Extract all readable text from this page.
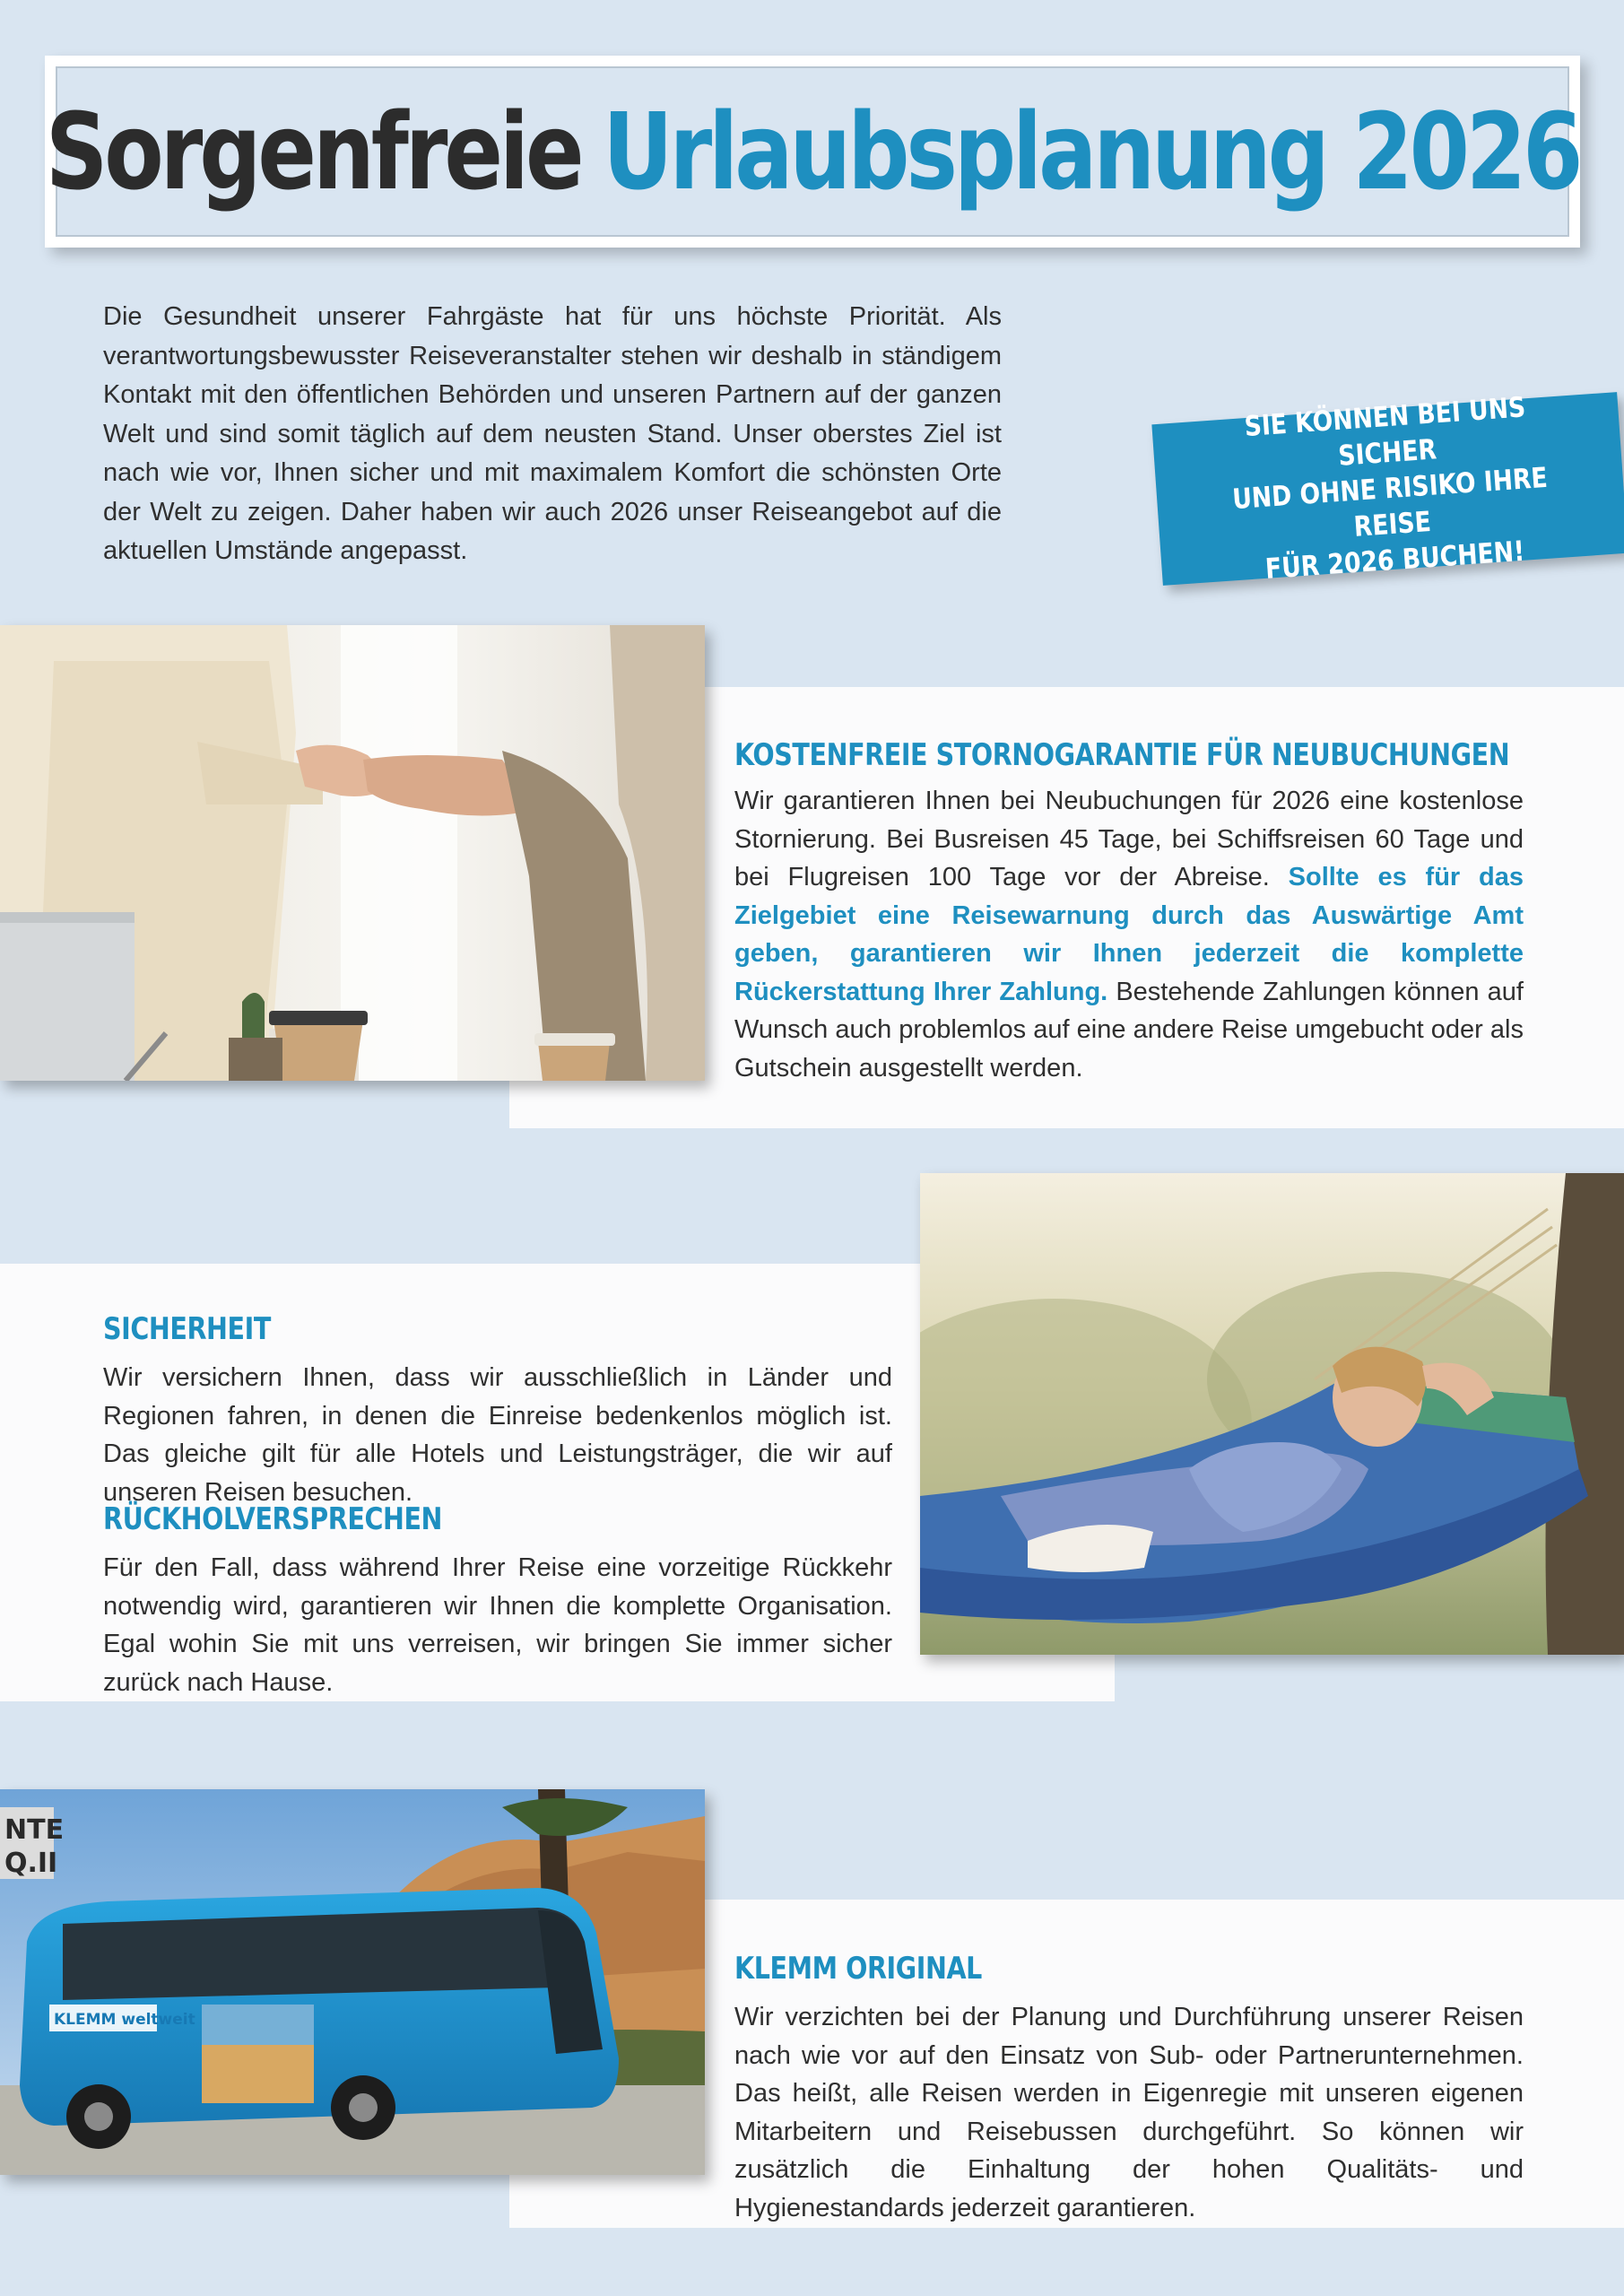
Sorgenfreie Urlaubsplanung 2026
Die Gesundheit unserer Fahrgäste hat für uns höchste Priorität. Als verantwortungsbewusster Reiseveranstalter stehen wir deshalb in ständigem Kontakt mit den öffentlichen Behörden und unseren Partnern auf der ganzen Welt und sind somit täglich auf dem neusten Stand. Unser oberstes Ziel ist nach wie vor, Ihnen sicher und mit maximalem Komfort die schönsten Orte der Welt zu zeigen. Daher haben wir auch 2026 unser Reiseangebot auf die aktuellen Umstände angepasst.
SIE KÖNNEN BEI UNS SICHER
UND OHNE RISIKO IHRE REISE
FÜR 2026 BUCHEN!
KOSTENFREIE STORNOGARANTIE FÜR NEUBUCHUNGEN
Wir garantieren Ihnen bei Neubuchungen für 2026 eine kostenlose Stornierung. Bei Busreisen 45 Tage, bei Schiffsreisen 60 Tage und bei Flugreisen 100 Tage vor der Abreise. Sollte es für das Zielgebiet eine Reisewarnung durch das Auswärtige Amt geben, garantieren wir Ihnen jederzeit die komplette Rückerstattung Ihrer Zahlung. Bestehende Zahlungen können auf Wunsch auch problemlos auf eine andere Reise umgebucht oder als Gutschein ausgestellt werden.
SICHERHEIT
Wir versichern Ihnen, dass wir ausschließlich in Länder und Regionen fahren, in denen die Einreise bedenkenlos möglich ist. Das gleiche gilt für alle Hotels und Leistungsträger, die wir auf unseren Reisen besuchen.
RÜCKHOLVERSPRECHEN
Für den Fall, dass während Ihrer Reise eine vorzeitige Rückkehr notwendig wird, garantieren wir Ihnen die komplette Organisation. Egal wohin Sie mit uns verreisen, wir bringen Sie immer sicher zurück nach Hause.
NTE
Q.II
KLEMM weltweit
KLEMM ORIGINAL
Wir verzichten bei der Planung und Durchführung unserer Reisen nach wie vor auf den Einsatz von Sub- oder Partnerunternehmen. Das heißt, alle Reisen werden in Eigenregie mit unseren eigenen Mitarbeitern und Reisebussen durchgeführt. So können wir zusätzlich die Einhaltung der hohen Qualitäts- und Hygienestandards jederzeit garantieren.
